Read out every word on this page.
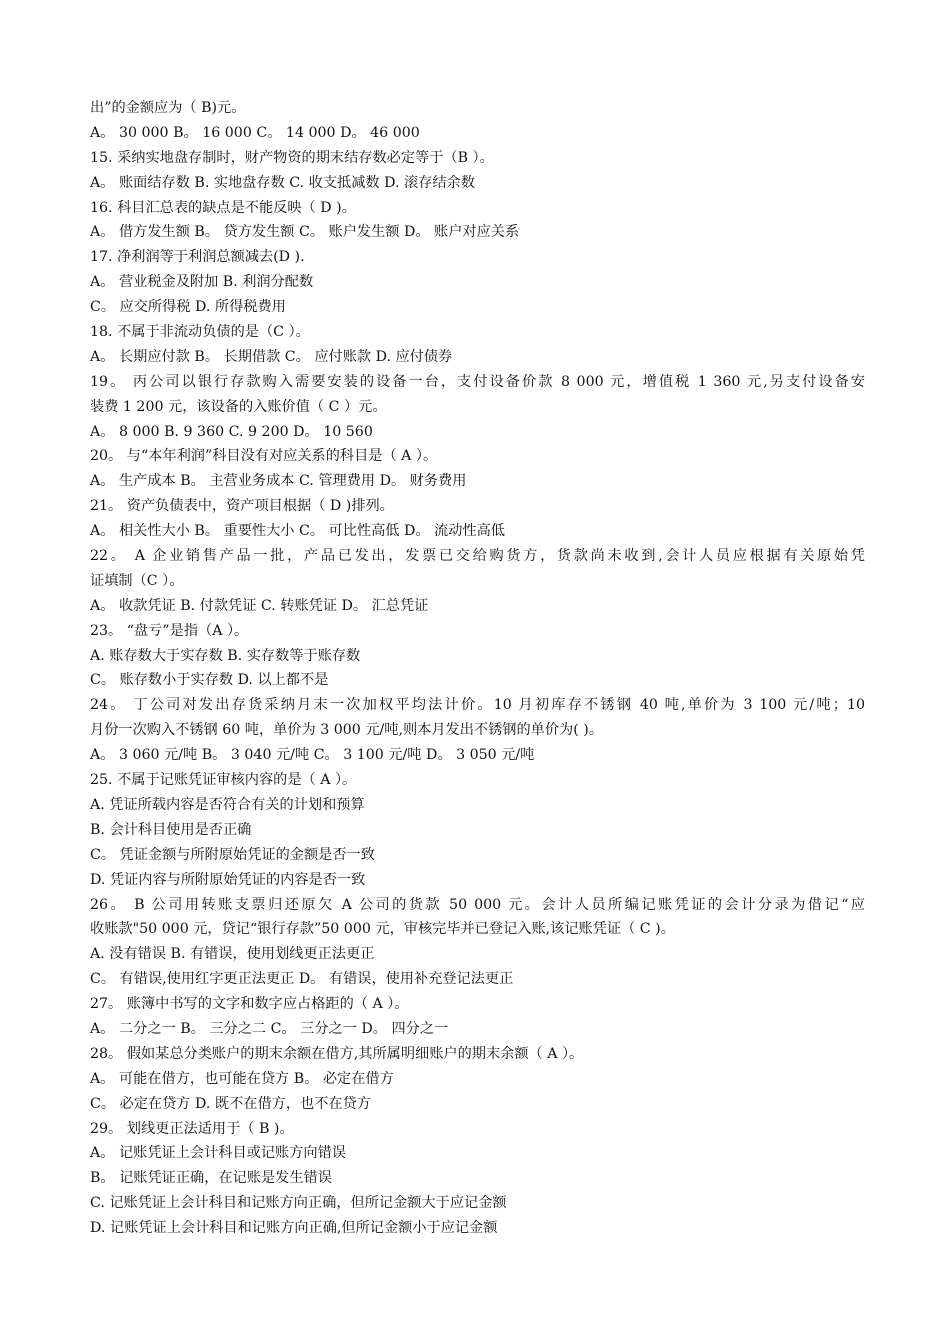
出”的金额应为（ B)元。
A。 30 000 B。 16 000 C。 14 000 D。 46 000
15. 采纳实地盘存制时，财产物资的期末结存数必定等于（B ）。
A。 账面结存数 B. 实地盘存数 C. 收支抵减数 D. 滚存结余数
16. 科目汇总表的缺点是不能反映（ D )。
A。 借方发生额 B。 贷方发生额 C。 账户发生额 D。 账户对应关系
17. 净利润等于利润总额减去(D ).
A。 营业税金及附加 B. 利润分配数
C。 应交所得税 D. 所得税费用
18. 不属于非流动负债的是（C ）。
A。 长期应付款 B。 长期借款 C。 应付账款 D. 应付债券
19。 丙公司以银行存款购入需要安装的设备一台，支付设备价款 8 000 元，增值税 1 360 元,另支付设备安
装费 1 200 元，该设备的入账价值（ C ）元。
A。 8 000 B. 9 360 C. 9 200 D。 10 560
20。 与“本年利润”科目没有对应关系的科目是（ A ）。
A。 生产成本 B。 主营业务成本 C. 管理费用 D。 财务费用
21。 资产负债表中，资产项目根据（ D )排列。
A。 相关性大小 B。 重要性大小 C。 可比性高低 D。 流动性高低
22。 A 企业销售产品一批，产品已发出，发票已交给购货方，货款尚未收到,会计人员应根据有关原始凭
证填制（C ）。
A。 收款凭证 B. 付款凭证 C. 转账凭证 D。 汇总凭证
23。 “盘亏”是指（A ）。
A. 账存数大于实存数 B. 实存数等于账存数
C。 账存数小于实存数 D. 以上都不是
24。 丁公司对发出存货采纳月末一次加权平均法计价。10 月初库存不锈钢 40 吨,单价为 3 100 元/吨；10
月份一次购入不锈钢 60 吨，单价为 3 000 元/吨,则本月发出不锈钢的单价为( )。
A。 3 060 元/吨 B。 3 040 元/吨 C。 3 100 元/吨 D。 3 050 元/吨
25. 不属于记账凭证审核内容的是（ A ）。
A. 凭证所载内容是否符合有关的计划和预算
B. 会计科目使用是否正确
C。 凭证金额与所附原始凭证的金额是否一致
D. 凭证内容与所附原始凭证的内容是否一致
26。 B 公司用转账支票归还原欠 A 公司的货款 50 000 元。会计人员所编记账凭证的会计分录为借记“应
收账款"50 000 元，贷记“银行存款”50 000 元，审核完毕并已登记入账,该记账凭证（ C )。
A. 没有错误 B. 有错误，使用划线更正法更正
C。 有错误,使用红字更正法更正 D。 有错误，使用补充登记法更正
27。 账簿中书写的文字和数字应占格距的（ A ）。
A。 二分之一 B。 三分之二 C。 三分之一 D。 四分之一
28。 假如某总分类账户的期末余额在借方,其所属明细账户的期末余额（ A ）。
A。 可能在借方，也可能在贷方 B。 必定在借方
C。 必定在贷方 D. 既不在借方，也不在贷方
29。 划线更正法适用于（ B )。
A。 记账凭证上会计科目或记账方向错误
B。 记账凭证正确，在记账是发生错误
C. 记账凭证上会计科目和记账方向正确，但所记金额大于应记金额
D. 记账凭证上会计科目和记账方向正确,但所记金额小于应记金额
